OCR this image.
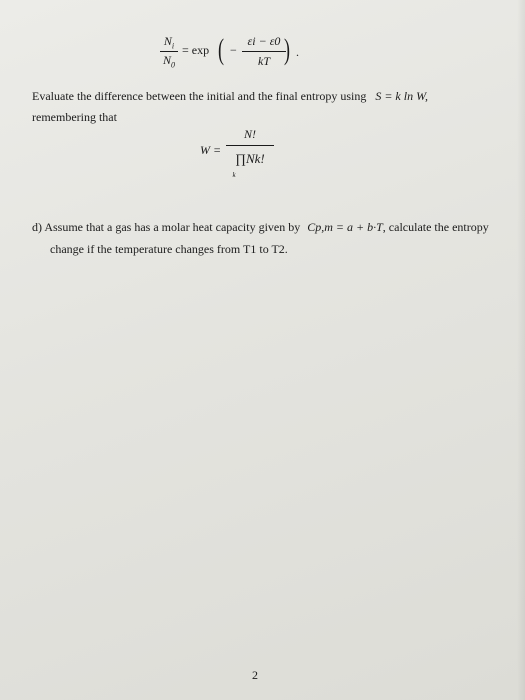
$N_i$
$N_0$
= exp ( −
εi − ε0
kT ) .
Evaluate the difference between the initial and the final entropy using S = k ln W,
remembering that
W =
N!
∏Nk!
k
d) Assume that a gas has a molar heat capacity given by Cp,m = a + b·T, calculate the entropy
change if the temperature changes from T1 to T2.
2
